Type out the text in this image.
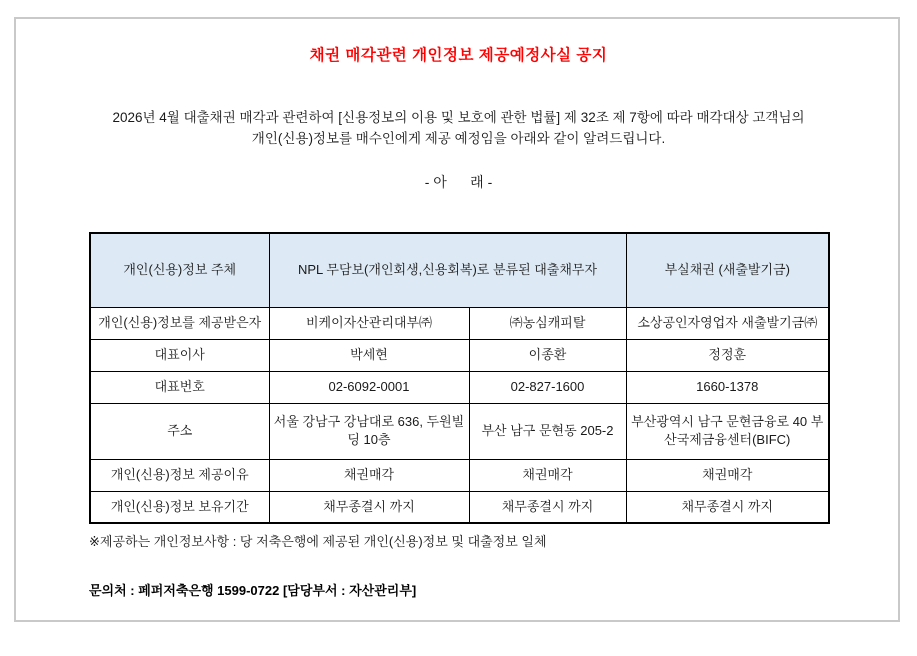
채권 매각관련 개인정보 제공예정사실 공지
2026년 4월 대출채권 매각과 관련하여 [신용정보의 이용 및 보호에 관한 법률] 제 32조 제 7항에 따라 매각대상 고객님의
개인(신용)정보를 매수인에게 제공 예정임을 아래와 같이 알려드립니다.
- 아      래 -
개인(신용)정보 주체	NPL 무담보(개인회생,신용회복)로 분류된 대출채무자		부실채권 (새출발기금)
개인(신용)정보를 제공받은자	비케이자산관리대부㈜	㈜농심캐피탈	소상공인자영업자 새출발기금㈜
대표이사	박세현	이종환	정정훈
대표번호	02-6092-0001	02-827-1600	1660-1378
주소	서울 강남구 강남대로 636, 두원빌딩 10층	부산 남구 문현동 205-2	부산광역시 남구 문현금융로 40 부산국제금융센터(BIFC)
개인(신용)정보 제공이유	채권매각	채권매각	채권매각
개인(신용)정보 보유기간	채무종결시 까지	채무종결시 까지	채무종결시 까지
※제공하는 개인정보사항 : 당 저축은행에 제공된 개인(신용)정보 및 대출정보 일체
문의처 : 페퍼저축은행 1599-0722 [담당부서 : 자산관리부]
